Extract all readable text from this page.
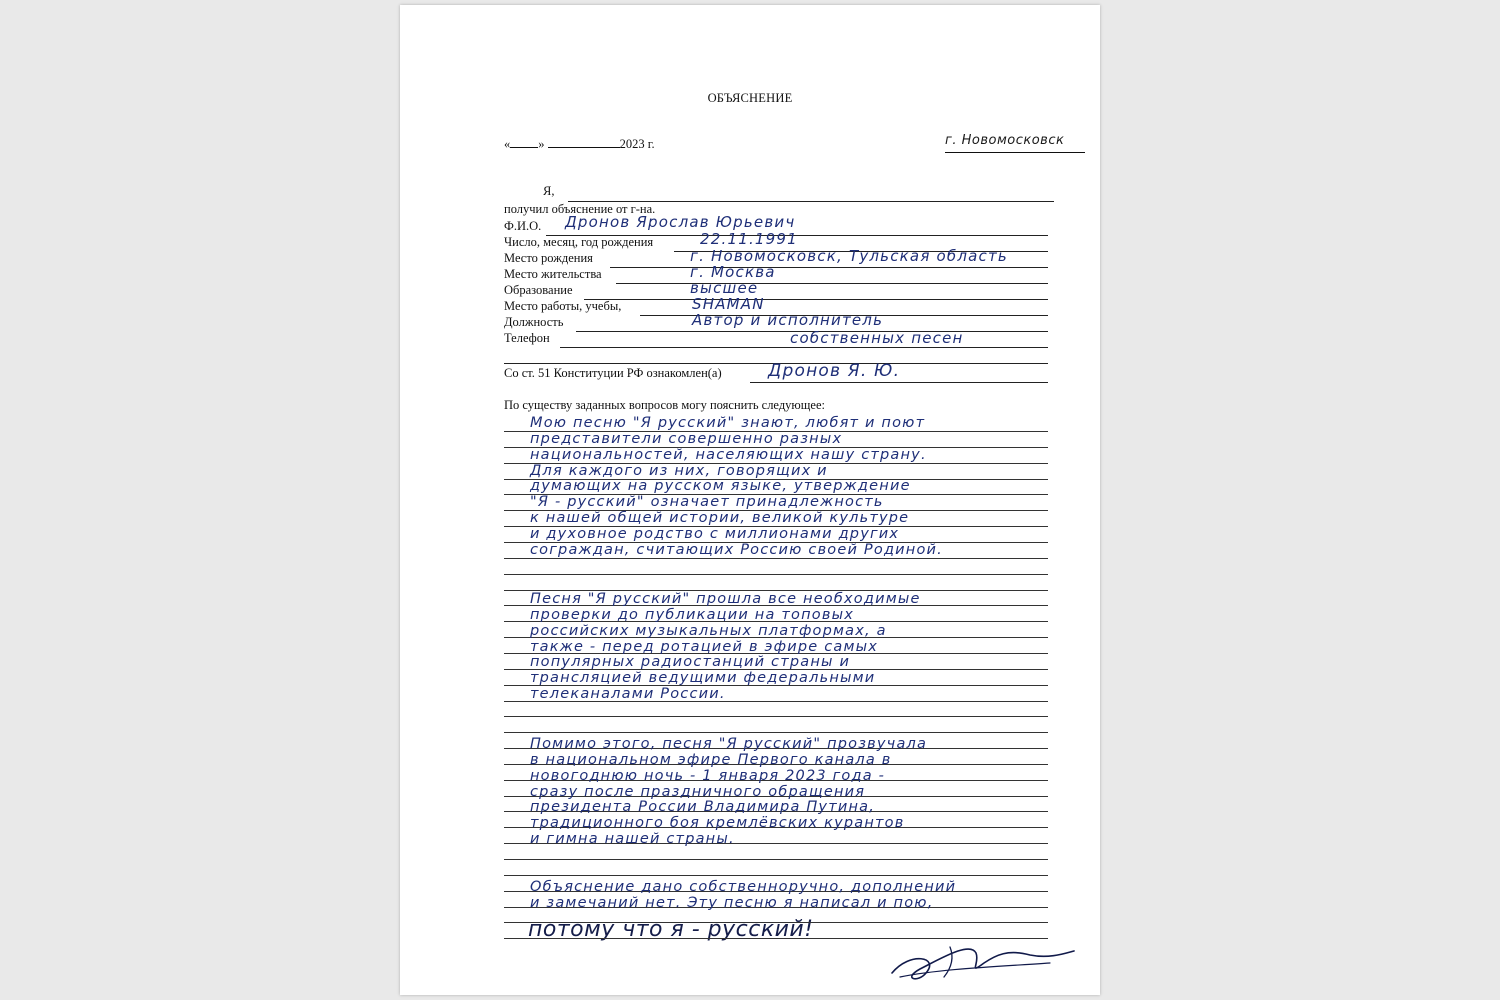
ОБЪЯСНЕНИЕ
« »	2023 г.	г. Новомосковск
Я,
получил объяснение от г-на.
Ф.И.О. Дронов Ярослав Юрьевич
Число, месяц, год рождения	22.11.1991
Место рождения	г. Новомосковск, Тульская область
Место жительства	г. Москва
Образование	высшее
Место работы, учебы,	SHAMAN
Должность	Автор и исполнитель
Телефон	собственных песен
Со ст. 51 Конституции РФ ознакомлен(а)	Дронов Я. Ю.
По существу заданных вопросов могу пояснить следующее:
потому что я - русский!
Мою песню "Я русский" знают, любят и поют
представители совершенно разных
национальностей, населяющих нашу страну.
Для каждого из них, говорящих и
думающих на русском языке, утверждение
"Я - русский" означает принадлежность
к нашей общей истории, великой культуре
и духовное родство с миллионами других
сограждан, считающих Россию своей Родиной.
Песня "Я русский" прошла все необходимые
проверки до публикации на топовых
российских музыкальных платформах, а
также - перед ротацией в эфире самых
популярных радиостанций страны и
трансляцией ведущими федеральными
телеканалами России.
Помимо этого, песня "Я русский" прозвучала
в национальном эфире Первого канала в
новогоднюю ночь - 1 января 2023 года -
сразу после праздничного обращения
президента России Владимира Путина,
традиционного боя кремлёвских курантов
и гимна нашей страны.
Объяснение дано собственноручно, дополнений
и замечаний нет. Эту песню я написал и пою,
